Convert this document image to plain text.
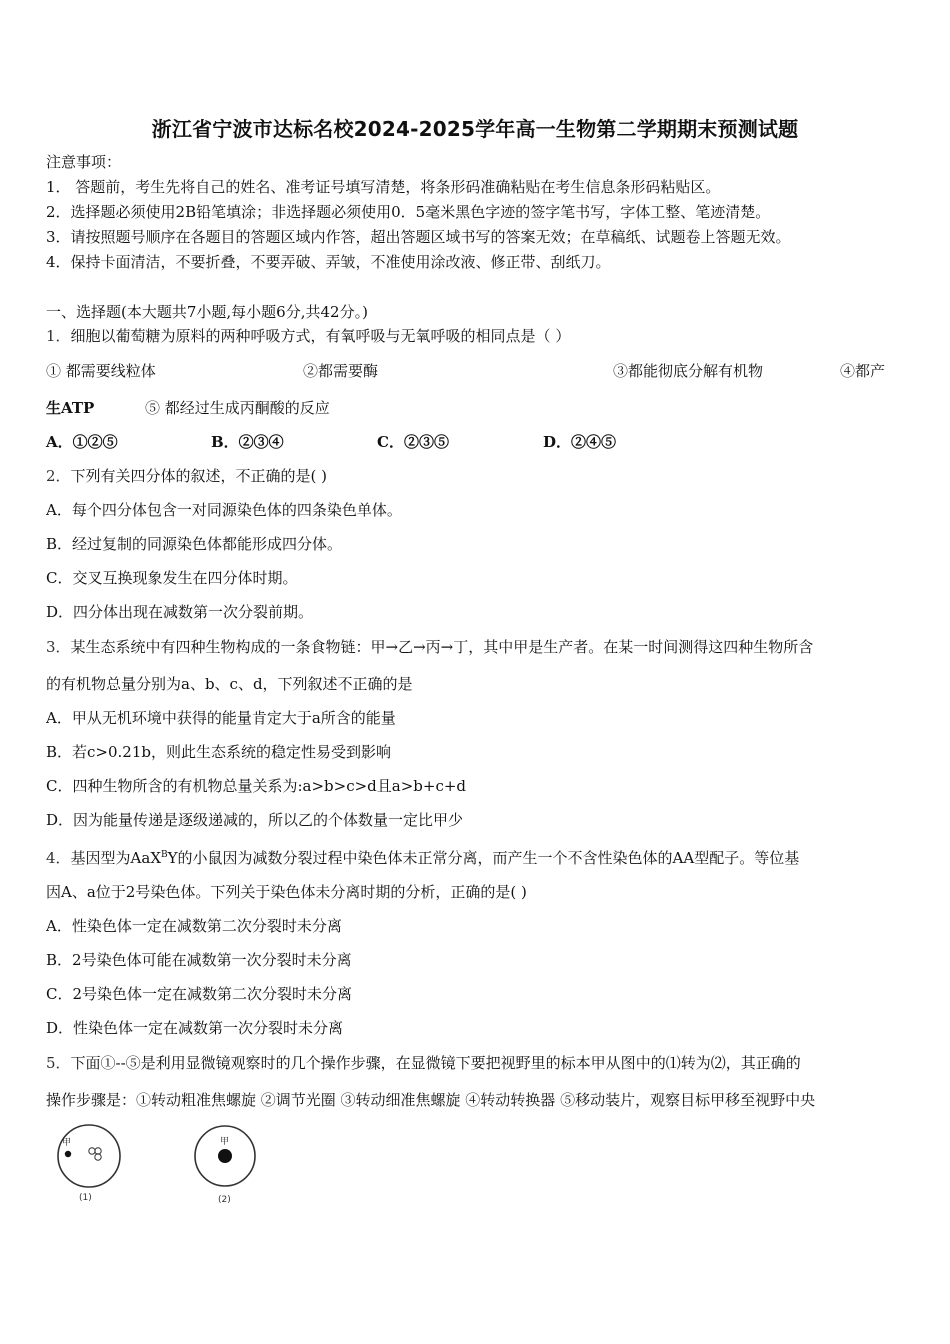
浙江省宁波市达标名校2024-2025学年高一生物第二学期期末预测试题
注意事项：
1． 答题前，考生先将自己的姓名、准考证号填写清楚，将条形码准确粘贴在考生信息条形码粘贴区。
2．选择题必须使用2B铅笔填涂；非选择题必须使用0．5毫米黑色字迹的签字笔书写，字体工整、笔迹清楚。
3．请按照题号顺序在各题目的答题区域内作答，超出答题区域书写的答案无效；在草稿纸、试题卷上答题无效。
4．保持卡面清洁，不要折叠，不要弄破、弄皱，不准使用涂改液、修正带、刮纸刀。
一、选择题(本大题共7小题,每小题6分,共42分。)
1．细胞以葡萄糖为原料的两种呼吸方式，有氧呼吸与无氧呼吸的相同点是（ ）
① 都需要线粒体	②都需要酶	③都能彻底分解有机物	④都产
生ATP	⑤ 都经过生成丙酮酸的反应
A．①②⑤	B．②③④	C．②③⑤	D．②④⑤
2．下列有关四分体的叙述，不正确的是( )
A．每个四分体包含一对同源染色体的四条染色单体。
B．经过复制的同源染色体都能形成四分体。
C．交叉互换现象发生在四分体时期。
D．四分体出现在减数第一次分裂前期。
3．某生态系统中有四种生物构成的一条食物链：甲→乙→丙→丁，其中甲是生产者。在某一时间测得这四种生物所含
的有机物总量分别为a、b、c、d，下列叙述不正确的是
A．甲从无机环境中获得的能量肯定大于a所含的能量
B．若c>0.21b，则此生态系统的稳定性易受到影响
C．四种生物所含的有机物总量关系为:a>b>c>d且a>b+c+d
D．因为能量传递是逐级递减的，所以乙的个体数量一定比甲少
4．基因型为AaX$^B$Y的小鼠因为减数分裂过程中染色体未正常分离，而产生一个不含性染色体的AA型配子。等位基
因A、a位于2号染色体。下列关于染色体未分离时期的分析，正确的是( )
A．性染色体一定在减数第二次分裂时未分离
B．2号染色体可能在减数第一次分裂时未分离
C．2号染色体一定在减数第二次分裂时未分离
D．性染色体一定在减数第一次分裂时未分离
5．下面①--⑤是利用显微镜观察时的几个操作步骤，在显微镜下要把视野里的标本甲从图中的⑴转为⑵，其正确的
操作步骤是：①转动粗准焦螺旋 ②调节光圈 ③转动细准焦螺旋 ④转动转换器 ⑤移动装片，观察目标甲移至视野中央
甲
(1)
甲
(2)
